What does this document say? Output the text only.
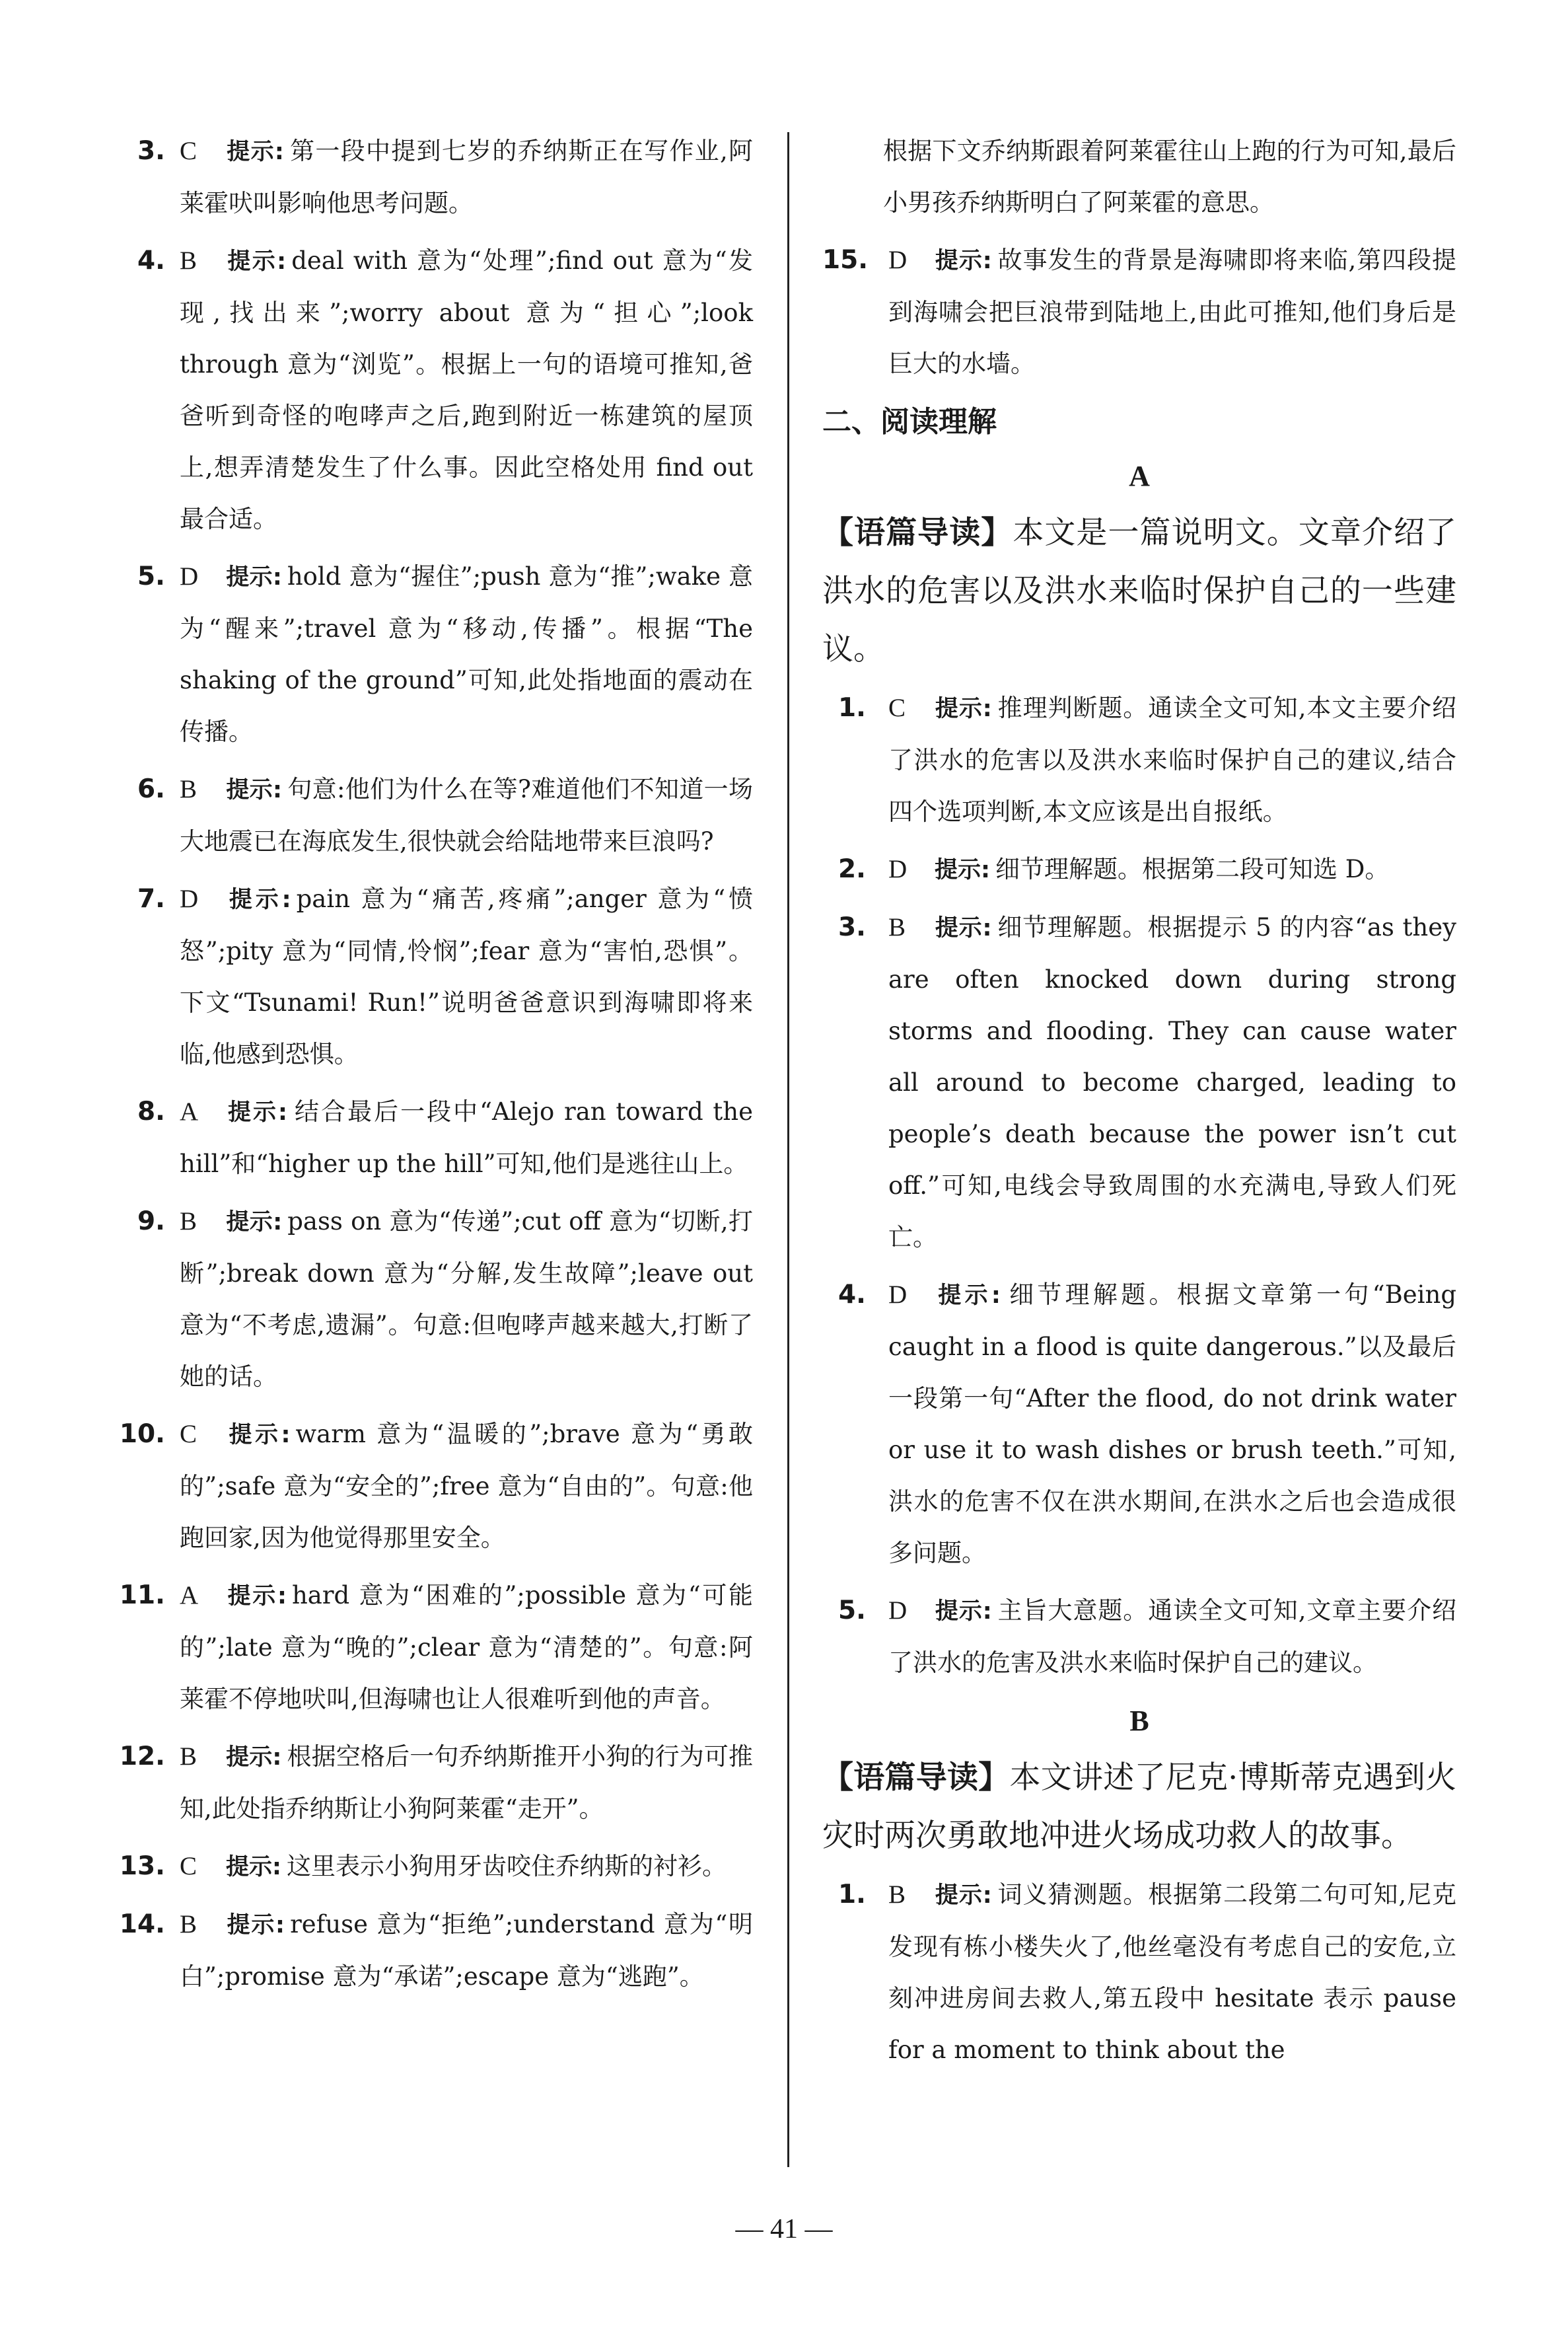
3. C 提示: 第一段中提到七岁的乔纳斯正在写作业,阿莱霍吠叫影响他思考问题。
4. B 提示: deal with 意为“处理”;find out 意为“发现,找出来”;worry about 意为“担心”;look through 意为“浏览”。根据上一句的语境可推知,爸爸听到奇怪的咆哮声之后,跑到附近一栋建筑的屋顶上,想弄清楚发生了什么事。因此空格处用 find out 最合适。
5. D 提示: hold 意为“握住”;push 意为“推”;wake 意为“醒来”;travel 意为“移动,传播”。根据“The shaking of the ground”可知,此处指地面的震动在传播。
6. B 提示: 句意:他们为什么在等?难道他们不知道一场大地震已在海底发生,很快就会给陆地带来巨浪吗?
7. D 提示: pain 意为“痛苦,疼痛”;anger 意为“愤怒”;pity 意为“同情,怜悯”;fear 意为“害怕,恐惧”。下文“Tsunami! Run!”说明爸爸意识到海啸即将来临,他感到恐惧。
8. A 提示: 结合最后一段中“Alejo ran toward the hill”和“higher up the hill”可知,他们是逃往山上。
9. B 提示: pass on 意为“传递”;cut off 意为“切断,打断”;break down 意为“分解,发生故障”;leave out 意为“不考虑,遗漏”。句意:但咆哮声越来越大,打断了她的话。
10. C 提示: warm 意为“温暖的”;brave 意为“勇敢的”;safe 意为“安全的”;free 意为“自由的”。句意:他跑回家,因为他觉得那里安全。
11. A 提示: hard 意为“困难的”;possible 意为“可能的”;late 意为“晚的”;clear 意为“清楚的”。句意:阿莱霍不停地吠叫,但海啸也让人很难听到他的声音。
12. B 提示: 根据空格后一句乔纳斯推开小狗的行为可推知,此处指乔纳斯让小狗阿莱霍“走开”。
13. C 提示: 这里表示小狗用牙齿咬住乔纳斯的衬衫。
14. B 提示: refuse 意为“拒绝”;understand 意为“明白”;promise 意为“承诺”;escape 意为“逃跑”。
根据下文乔纳斯跟着阿莱霍往山上跑的行为可知,最后小男孩乔纳斯明白了阿莱霍的意思。
15. D 提示: 故事发生的背景是海啸即将来临,第四段提到海啸会把巨浪带到陆地上,由此可推知,他们身后是巨大的水墙。
二、阅读理解
A
【语篇导读】本文是一篇说明文。文章介绍了洪水的危害以及洪水来临时保护自己的一些建议。
1. C 提示: 推理判断题。通读全文可知,本文主要介绍了洪水的危害以及洪水来临时保护自己的建议,结合四个选项判断,本文应该是出自报纸。
2. D 提示: 细节理解题。根据第二段可知选 D。
3. B 提示: 细节理解题。根据提示 5 的内容“as they are often knocked down during strong storms and flooding. They can cause water all around to become charged, leading to people’s death because the power isn’t cut off.”可知,电线会导致周围的水充满电,导致人们死亡。
4. D 提示: 细节理解题。根据文章第一句“Being caught in a flood is quite dangerous.”以及最后一段第一句“After the flood, do not drink water or use it to wash dishes or brush teeth.”可知,洪水的危害不仅在洪水期间,在洪水之后也会造成很多问题。
5. D 提示: 主旨大意题。通读全文可知,文章主要介绍了洪水的危害及洪水来临时保护自己的建议。
B
【语篇导读】本文讲述了尼克·博斯蒂克遇到火灾时两次勇敢地冲进火场成功救人的故事。
1. B 提示: 词义猜测题。根据第二段第二句可知,尼克发现有栋小楼失火了,他丝毫没有考虑自己的安危,立刻冲进房间去救人,第五段中 hesitate 表示 pause for a moment to think about the
— 41 —
